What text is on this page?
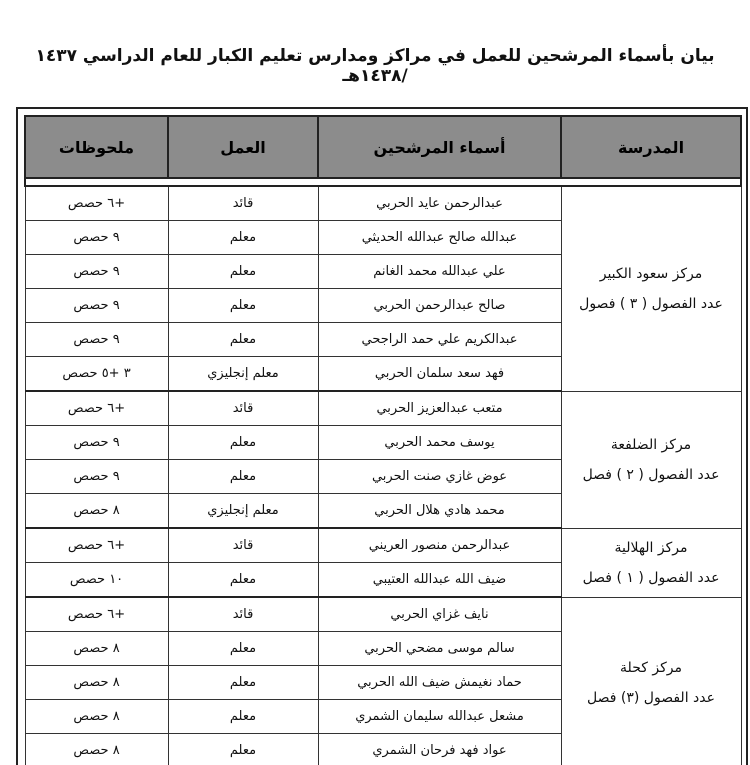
بيان بأسماء المرشحين للعمل في مراكز ومدارس تعليم الكبار للعام الدراسي ١٤٣٧ /١٤٣٨هـ
المدرسة	أسماء المرشحين	العمل	ملحوظات

مركز سعود الكبير
عدد الفصول ( ٣ ) فصول	عبدالرحمن عايد الحربي	قائد	+٦ حصص
	عبدالله صالح عبدالله الحديثي	معلم	٩ حصص
	علي عبدالله محمد الغانم	معلم	٩ حصص
	صالح عبدالرحمن الحربي	معلم	٩ حصص
	عبدالكريم علي حمد الراجحي	معلم	٩ حصص
	فهد سعد سلمان الحربي	معلم إنجليزي	٣ +٥ حصص

مركز الضلفعة
عدد الفصول ( ٢ ) فصل	متعب عبدالعزيز الحربي	قائد	+٦ حصص
	يوسف محمد الحربي	معلم	٩ حصص
	عوض غازي صنت الحربي	معلم	٩ حصص
	محمد هادي هلال الحربي	معلم إنجليزي	٨ حصص

مركز الهلالية
عدد الفصول ( ١ ) فصل	عبدالرحمن منصور العريني	قائد	+٦ حصص
	ضيف الله عبدالله العتيبي	معلم	١٠ حصص

مركز كحلة
عدد الفصول (٣) فصل	نايف غزاي الحربي	قائد	+٦ حصص
	سالم موسى مضحي الحربي	معلم	٨ حصص
	حماد نغيمش ضيف الله الحربي	معلم	٨ حصص
	مشعل عبدالله سليمان الشمري	معلم	٨ حصص
	عواد فهد فرحان الشمري	معلم	٨ حصص
